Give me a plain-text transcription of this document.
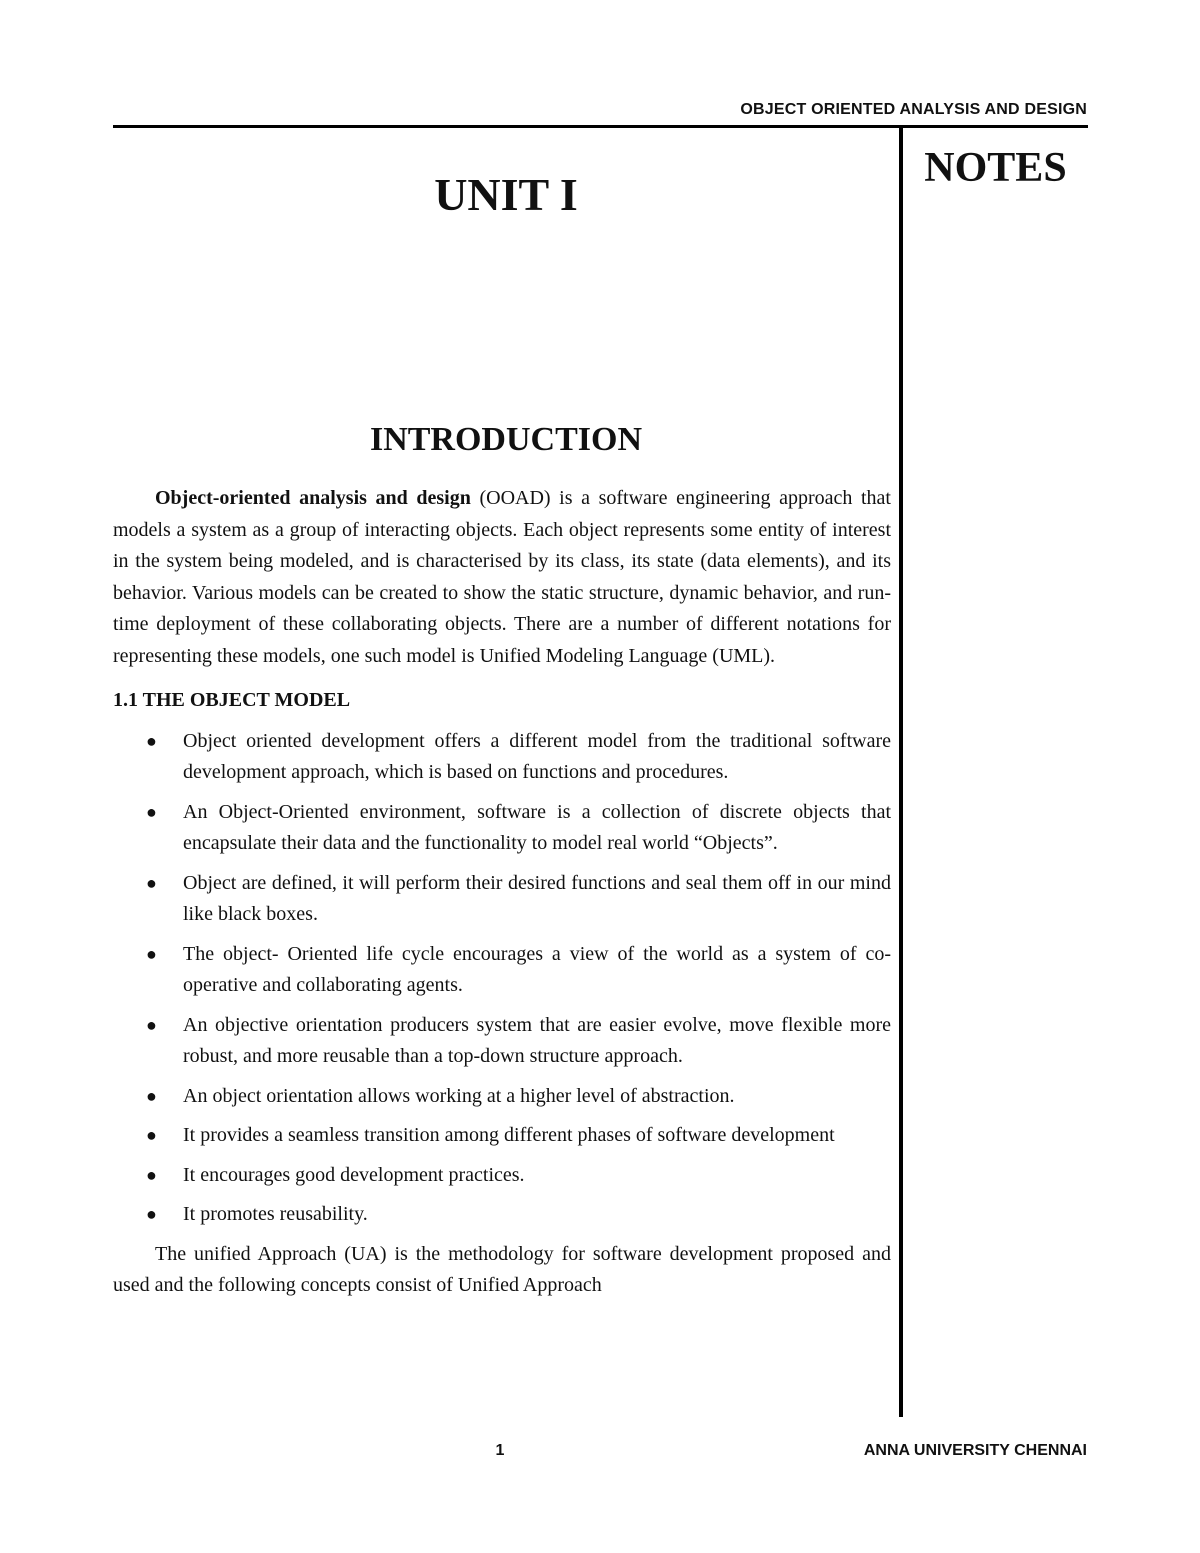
OBJECT ORIENTED ANALYSIS AND DESIGN
UNIT I
NOTES
INTRODUCTION

Object-oriented analysis and design (OOAD) is a software engineering approach that models a system as a group of interacting objects. Each object represents some entity of interest in the system being modeled, and is characterised by its class, its state (data elements), and its behavior. Various models can be created to show the static structure, dynamic behavior, and run-time deployment of these collaborating objects. There are a number of different notations for representing these models, one such model is Unified Modeling Language (UML).

1.1 THE OBJECT MODEL
● Object oriented development offers a different model from the traditional software development approach, which is based on functions and procedures.
● An Object-Oriented environment, software is a collection of discrete objects that encapsulate their data and the functionality to model real world “Objects”.
● Object are defined, it will perform their desired functions and seal them off in our mind like black boxes.
● The object- Oriented life cycle encourages a view of the world as a system of co-operative and collaborating agents.
● An objective orientation producers system that are easier evolve, move flexible more robust, and more reusable than a top-down structure approach.
● An object orientation allows working at a higher level of abstraction.
● It provides a seamless transition among different phases of software development
● It encourages good development practices.
● It promotes reusability.

The unified Approach (UA) is the methodology for software development proposed and used and the following concepts consist of Unified Approach

1	ANNA UNIVERSITY CHENNAI
